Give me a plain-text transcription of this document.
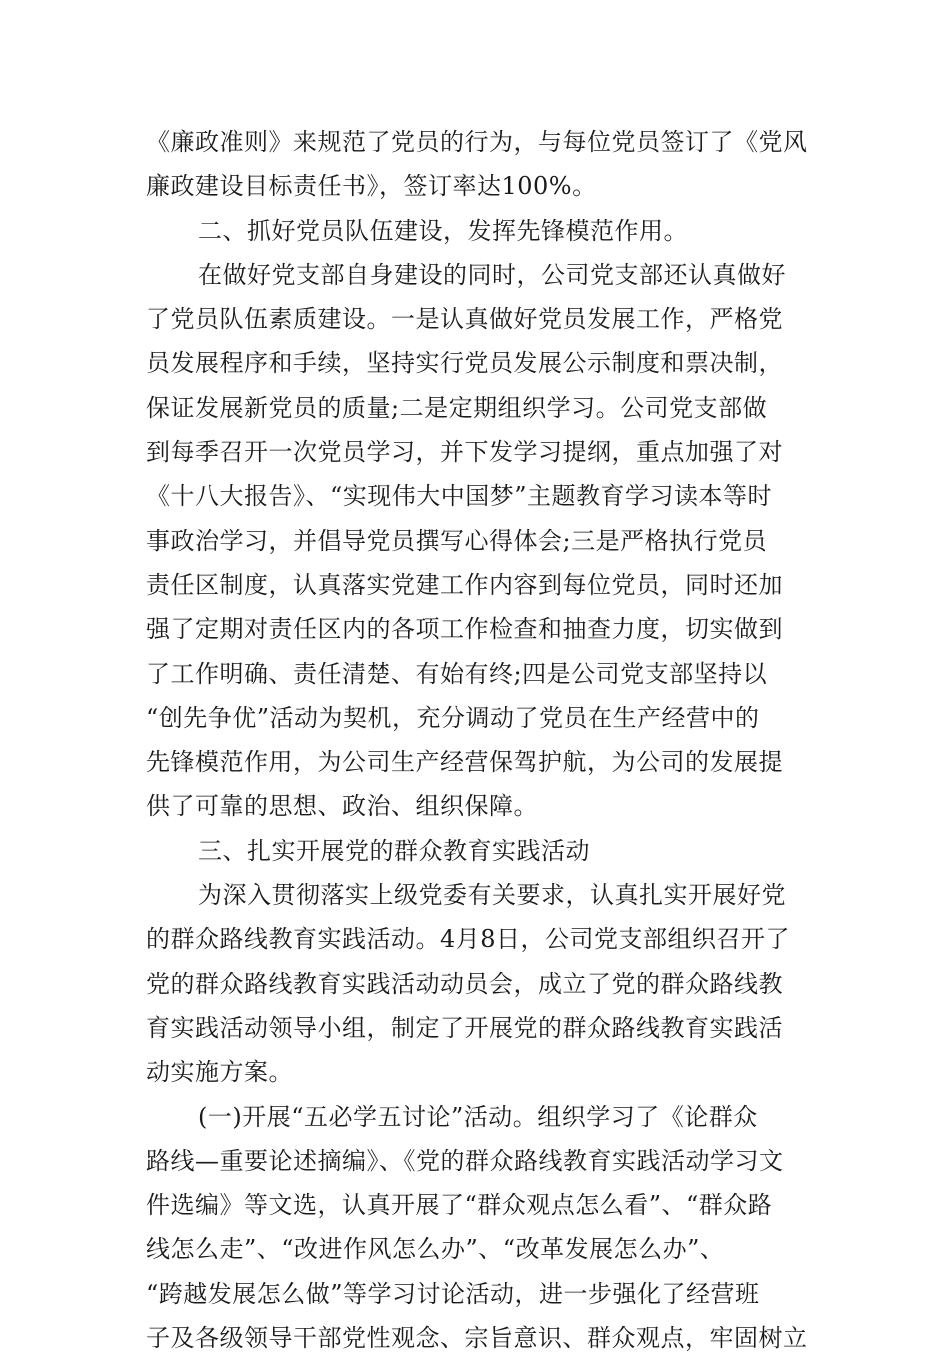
《廉政准则》来规范了党员的行为，与每位党员签订了《党风
廉政建设目标责任书》，签订率达100%。
二、抓好党员队伍建设，发挥先锋模范作用。
在做好党支部自身建设的同时，公司党支部还认真做好
了党员队伍素质建设。一是认真做好党员发展工作，严格党
员发展程序和手续，坚持实行党员发展公示制度和票决制，
保证发展新党员的质量;二是定期组织学习。公司党支部做
到每季召开一次党员学习，并下发学习提纲，重点加强了对
《十八大报告》、“实现伟大中国梦”主题教育学习读本等时
事政治学习，并倡导党员撰写心得体会;三是严格执行党员
责任区制度，认真落实党建工作内容到每位党员，同时还加
强了定期对责任区内的各项工作检查和抽查力度，切实做到
了工作明确、责任清楚、有始有终;四是公司党支部坚持以
“创先争优”活动为契机，充分调动了党员在生产经营中的
先锋模范作用，为公司生产经营保驾护航，为公司的发展提
供了可靠的思想、政治、组织保障。
三、扎实开展党的群众教育实践活动
为深入贯彻落实上级党委有关要求，认真扎实开展好党
的群众路线教育实践活动。4月8日，公司党支部组织召开了
党的群众路线教育实践活动动员会，成立了党的群众路线教
育实践活动领导小组，制定了开展党的群众路线教育实践活
动实施方案。
(一)开展“五必学五讨论”活动。组织学习了《论群众
路线—重要论述摘编》、《党的群众路线教育实践活动学习文
件选编》等文选，认真开展了“群众观点怎么看”、“群众路
线怎么走”、“改进作风怎么办”、“改革发展怎么办”、
“跨越发展怎么做”等学习讨论活动，进一步强化了经营班
子及各级领导干部党性观念、宗旨意识、群众观点，牢固树立
